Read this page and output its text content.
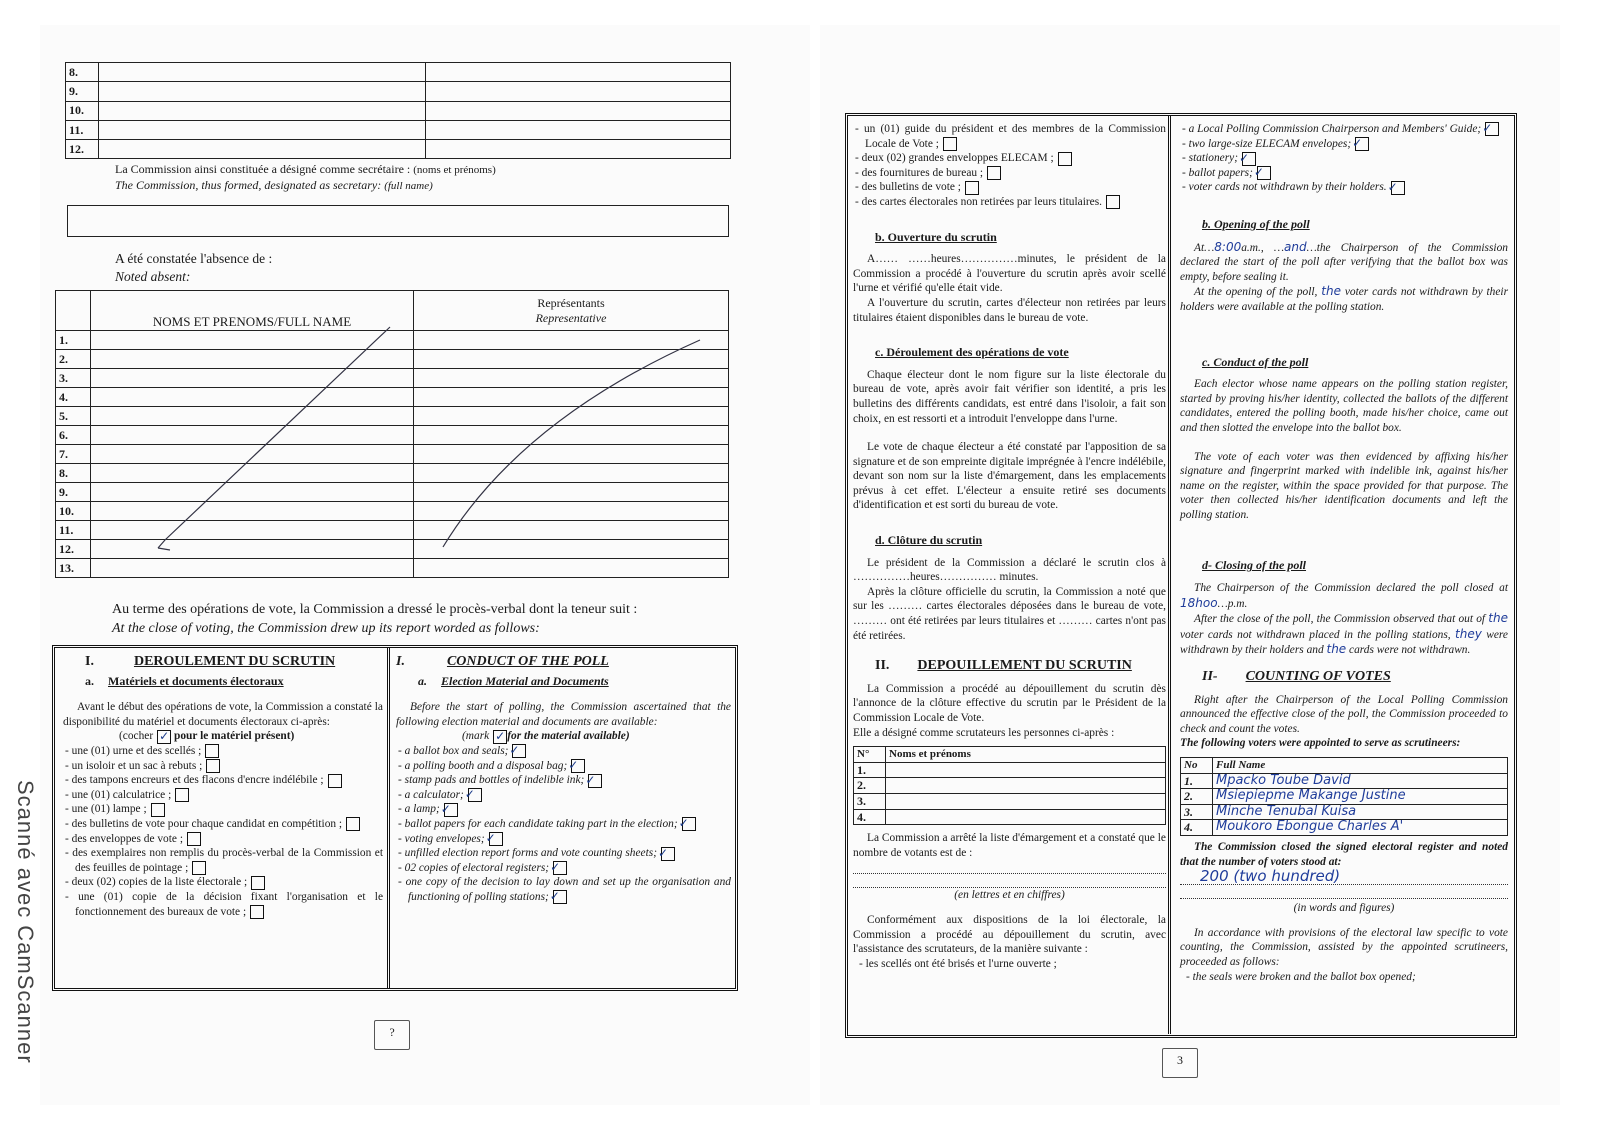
Scanné avec CamScanner
8.		
9.		
10.		
11.		
12.		
La Commission ainsi constituée a désigné comme secrétaire : (noms et prénoms)
The Commission, thus formed, designated as secretary: (full name)
A été constatée l'absence de :
Noted absent:
	NOMS ET PRENOMS/FULL NAME	Représentants
Representative

1.		
2.		
3.		
4.		
5.		
6.		
7.		
8.		
9.		
10.		
11.		
12.		
13.		
Au terme des opérations de vote, la Commission a dressé le procès-verbal dont la teneur suit :
At the close of voting, the Commission drew up its report worded as follows:
I.	DEROULEMENT DU SCRUTIN
a. Matériels et documents électoraux

Avant le début des opérations de vote, la Commission a constaté la disponibilité du matériel et documents électoraux ci-après:

(cocher ✓ pour le matériel présent)
- une (01) urne et des scellés ;
- un isoloir et un sac à rebuts ;
- des tampons encreurs et des flacons d'encre indélébile ;
- une (01) calculatrice ;
- une (01) lampe ;
- des bulletins de vote pour chaque candidat en compétition ;
- des enveloppes de vote ;
- des exemplaires non remplis du procès-verbal de la Commission et des feuilles de pointage ;
- deux (02) copies de la liste électorale ;
- une (01) copie de la décision fixant l'organisation et le fonctionnement des bureaux de vote ;
I.	CONDUCT OF THE POLL
a. Election Material and Documents

Before the start of polling, the Commission ascertained that the following election material and documents are available:

(mark ✓ for the material available)
- a ballot box and seals;✓
- a polling booth and a disposal bag;✓
- stamp pads and bottles of indelible ink;✓
- a calculator;✓
- a lamp;✓
- ballot papers for each candidate taking part in the election;✓
- voting envelopes;✓
- unfilled election report forms and vote counting sheets;✓
- 02 copies of electoral registers;✓
- one copy of the decision to lay down and set up the organisation and functioning of polling stations;✓
?
- un (01) guide du président et des membres de la Commission Locale de Vote ;
- deux (02) grandes enveloppes ELECAM ;
- des fournitures de bureau ;
- des bulletins de vote ;
- des cartes électorales non retirées par leurs titulaires.
b. Ouverture du scrutin

A…… ……heures……………minutes, le président de la Commission a procédé à l'ouverture du scrutin après avoir scellé l'urne et vérifié qu'elle était vide.

A l'ouverture du scrutin, cartes d'électeur non retirées par leurs titulaires étaient disponibles dans le bureau de vote.

c. Déroulement des opérations de vote

Chaque électeur dont le nom figure sur la liste électorale du bureau de vote, après avoir fait vérifier son identité, a pris les bulletins des différents candidats, est entré dans l'isoloir, a fait son choix, en est ressorti et a introduit l'enveloppe dans l'urne.

Le vote de chaque électeur a été constaté par l'apposition de sa signature et de son empreinte digitale imprégnée à l'encre indélébile, devant son nom sur la liste d'émargement, dans les emplacements prévus à cet effet. L'électeur a ensuite retiré ses documents d'identification et est sorti du bureau de vote.

d. Clôture du scrutin

Le président de la Commission a déclaré le scrutin clos à ……………heures…………… minutes.

Après la clôture officielle du scrutin, la Commission a noté que sur les ……… cartes électorales déposées dans le bureau de vote, ……… ont été retirées par leurs titulaires et ……… cartes n'ont pas été retirées.

II. DEPOUILLEMENT DU SCRUTIN

La Commission a procédé au dépouillement du scrutin dès l'annonce de la clôture effective du scrutin par le Président de la Commission Locale de Vote.

Elle a désigné comme scrutateurs les personnes ci-après :

N°	Noms et prénoms
1.	
2.	
3.	
4.	

La Commission a arrêté la liste d'émargement et a constaté que le nombre de votants est de :

(en lettres et en chiffres)

Conformément aux dispositions de la loi électorale, la Commission a procédé au dépouillement du scrutin, avec l'assistance des scrutateurs, de la manière suivante :

- les scellés ont été brisés et l'urne ouverte ;

- a Local Polling Commission Chairperson and Members' Guide;✓
- two large-size ELECAM envelopes;✓
- stationery;✓
- ballot papers;✓
- voter cards not withdrawn by their holders.✓
b. Opening of the poll

At…8:00a.m., …and…the Chairperson of the Commission declared the start of the poll after verifying that the ballot box was empty, before sealing it.

At the opening of the poll, the voter cards not withdrawn by their holders were available at the polling station.

c. Conduct of the poll

Each elector whose name appears on the polling station register, started by proving his/her identity, collected the ballots of the different candidates, entered the polling booth, made his/her choice, came out and then slotted the envelope into the ballot box.

The vote of each voter was then evidenced by affixing his/her signature and fingerprint marked with indelible ink, against his/her name on the register, within the space provided for that purpose. The voter then collected his/her identification documents and left the polling station.

d- Closing of the poll

The Chairperson of the Commission declared the poll closed at 18hoo…p.m.

After the close of the poll, the Commission observed that out of the voter cards not withdrawn placed in the polling stations, they were withdrawn by their holders and the cards were not withdrawn.

II- COUNTING OF VOTES

Right after the Chairperson of the Local Polling Commission announced the effective close of the poll, the Commission proceeded to check and count the votes.

The following voters were appointed to serve as scrutineers:

No	Full Name
1.	Mpacko Toube David
2.	Msiepiepme Makange Justine
3.	Minche Tenubal Kuisa
4.	Moukoro Ebongue Charles A'

The Commission closed the signed electoral register and noted that the number of voters stood at:

200 (two hundred)
(in words and figures)

In accordance with provisions of the electoral law specific to vote counting, the Commission, assisted by the appointed scrutineers, proceeded as follows:

- the seals were broken and the ballot box opened;

3
